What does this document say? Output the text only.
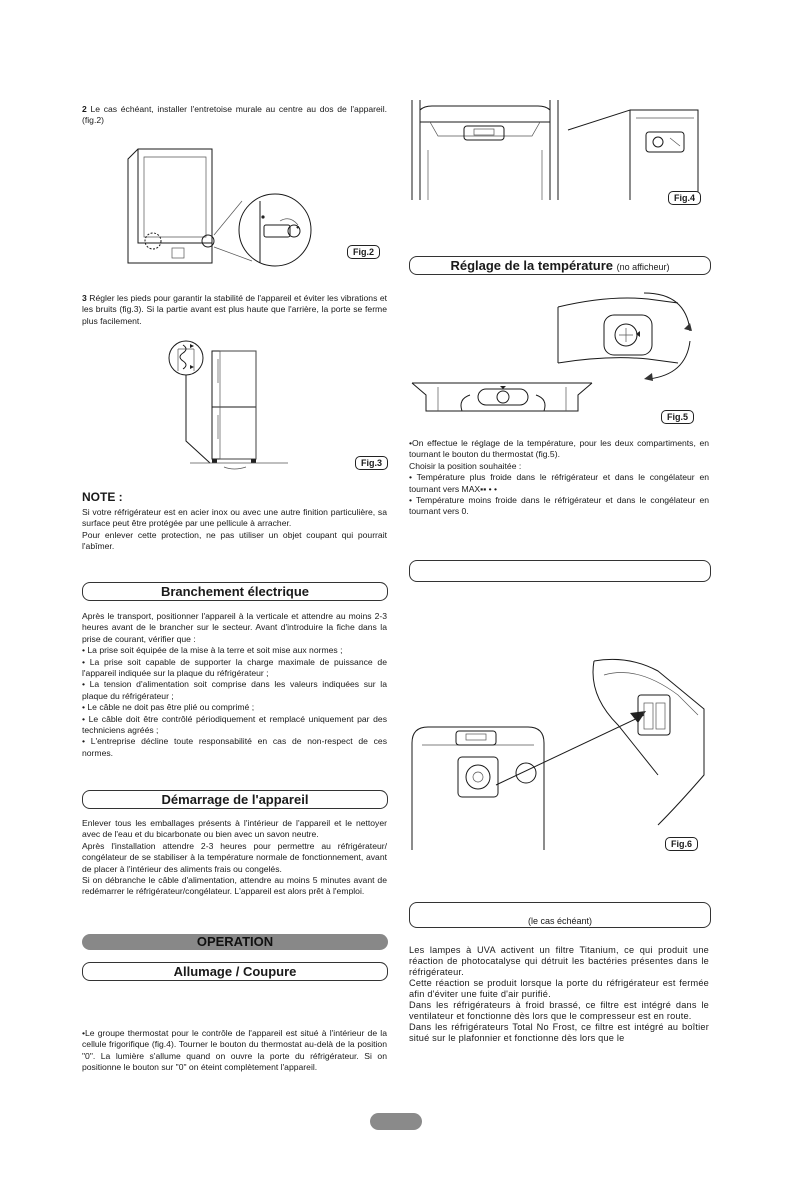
2 Le cas échéant, installer l'entretoise murale au centre au dos de l'appareil. (fig.2)
Fig.2
3 Régler les pieds pour garantir la stabilité de l'appareil et éviter les vibrations et les bruits (fig.3). Si la partie avant est plus haute que l'arrière, la porte se ferme plus facilement.
Fig.3
NOTE :

Si votre réfrigérateur est en acier inox ou avec une autre finition particulière, sa surface peut être protégée par une pellicule à arracher.

Pour enlever cette protection, ne pas utiliser un objet coupant qui pourrait l'abîmer.

Branchement électrique

Après le transport, positionner l'appareil à la verticale et attendre au moins 2-3 heures avant de le brancher sur le secteur. Avant d'introduire la fiche dans la prise de courant, vérifier que :

• La prise soit équipée de la mise à la terre et soit mise aux normes ;

• La prise soit capable de supporter la charge maximale de puissance de l'appareil indiquée sur la plaque du réfrigérateur ;

• La tension d'alimentation soit comprise dans les valeurs indiquées sur la plaque du réfrigérateur ;

• Le câble ne doit pas être plié ou comprimé ;

• Le câble doit être contrôlé périodiquement et remplacé uniquement par des techniciens agréés ;

• L'entreprise décline toute responsabilité en cas de non-respect de ces normes.

Démarrage de l'appareil

Enlever tous les emballages présents à l'intérieur de l'appareil et le nettoyer avec de l'eau et du bicarbonate ou bien avec un savon neutre.

Après l'installation attendre 2-3 heures pour permettre au réfrigérateur/ congélateur de se stabiliser à la température normale de fonctionnement, avant de placer à l'intérieur des aliments frais ou congelés.

Si on débranche le câble d'alimentation, attendre au moins 5 minutes avant de redémarrer le réfrigérateur/congélateur. L'appareil est alors prêt à l'emploi.

OPERATION
Allumage / Coupure

•Le groupe thermostat pour le contrôle de l'appareil est situé à l'intérieur de la cellule frigorifique (fig.4). Tourner le bouton du thermostat au-delà de la position "0". La lumière s'allume quand on ouvre la porte du réfrigérateur. Si on positionne le bouton sur "0" on éteint complètement l'appareil.

Fig.4
Réglage de la température (no afficheur)
Fig.5

•On effectue le réglage de la température, pour les deux compartiments, en tournant le bouton du thermostat (fig.5).

Choisir la position souhaitée :

• Température plus froide dans le réfrigérateur et dans le congélateur en tournant vers MAX▪▪ • •

• Température moins froide dans le réfrigérateur et dans le congélateur en tournant vers 0.

Fig.6
(le cas échéant)

Les lampes à UVA activent un filtre Titanium, ce qui produit une réaction de photocatalyse qui détruit les bactéries présentes dans le réfrigérateur.

Cette réaction se produit lorsque la porte du réfrigérateur est fermée afin d'éviter une fuite d'air purifié.

Dans les réfrigérateurs à froid brassé, ce filtre est intégré dans le ventilateur et fonctionne dès lors que le compresseur est en route.

Dans les réfrigérateurs Total No Frost, ce filtre est intégré au boîtier situé sur le plafonnier et fonctionne dès lors que le
